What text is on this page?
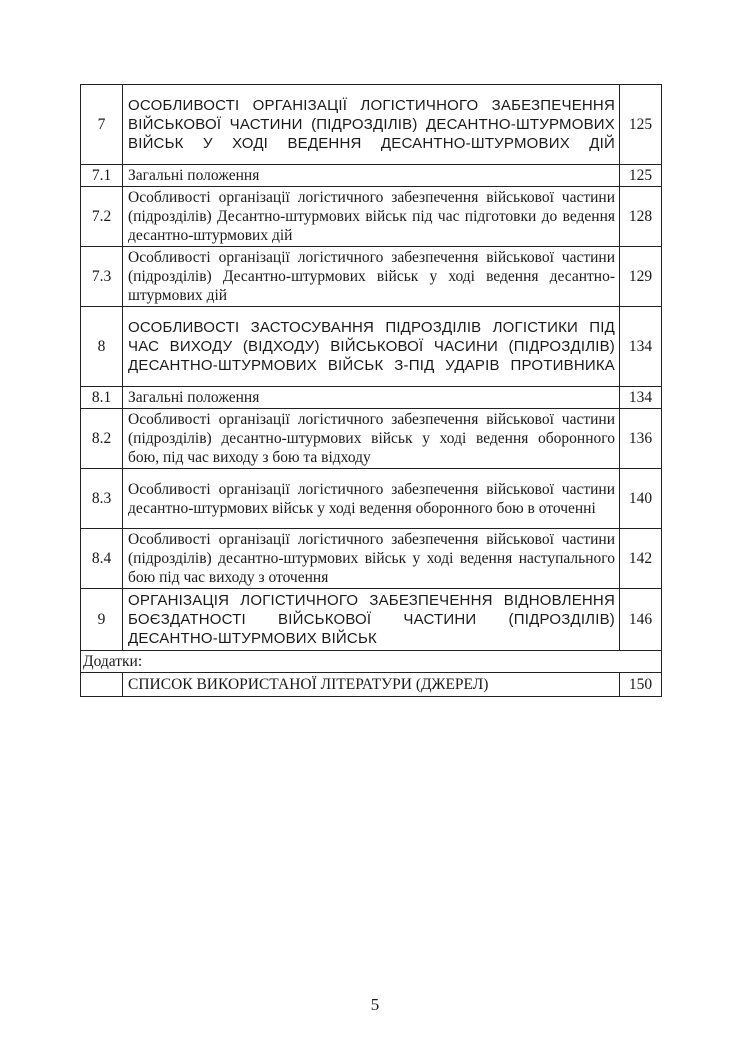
7	ОСОБЛИВОСТІ ОРГАНІЗАЦІЇ ЛОГІСТИЧНОГО ЗАБЕЗПЕЧЕННЯ ВІЙСЬКОВОЇ ЧАСТИНИ (ПІДРОЗДІЛІВ) ДЕСАНТНО-ШТУРМОВИХ ВІЙСЬК У ХОДІ ВЕДЕННЯ ДЕСАНТНО-ШТУРМОВИХ ДІЙ	125
7.1	Загальні положення	125
7.2	Особливості організації логістичного забезпечення військової частини (підрозділів) Десантно-штурмових військ під час підготовки до ведення десантно-штурмових дій	128
7.3	Особливості організації логістичного забезпечення військової частини (підрозділів) Десантно-штурмових військ у ході ведення десантно-штурмових дій	129
8	ОСОБЛИВОСТІ ЗАСТОСУВАННЯ ПІДРОЗДІЛІВ ЛОГІСТИКИ ПІД ЧАС ВИХОДУ (ВІДХОДУ) ВІЙСЬКОВОЇ ЧАСИНИ (ПІДРОЗДІЛІВ) ДЕСАНТНО-ШТУРМОВИХ ВІЙСЬК З-ПІД УДАРІВ ПРОТИВНИКА	134
8.1	Загальні положення	134
8.2	Особливості організації логістичного забезпечення військової частини (підрозділів) десантно-штурмових військ у ході ведення оборонного бою, під час виходу з бою та відходу	136
8.3	Особливості організації логістичного забезпечення військової частини десантно-штурмових військ у ході ведення оборонного бою в оточенні	140
8.4	Особливості організації логістичного забезпечення військової частини (підрозділів) десантно-штурмових військ у ході ведення наступального бою під час виходу з оточення	142
9	ОРГАНІЗАЦІЯ ЛОГІСТИЧНОГО ЗАБЕЗПЕЧЕННЯ ВІДНОВЛЕННЯ БОЄЗДАТНОСТІ ВІЙСЬКОВОЇ ЧАСТИНИ (ПІДРОЗДІЛІВ) ДЕСАНТНО-ШТУРМОВИХ ВІЙСЬК	146
Додатки:		
	СПИСОК ВИКОРИСТАНОЇ ЛІТЕРАТУРИ (ДЖЕРЕЛ)	150
5
